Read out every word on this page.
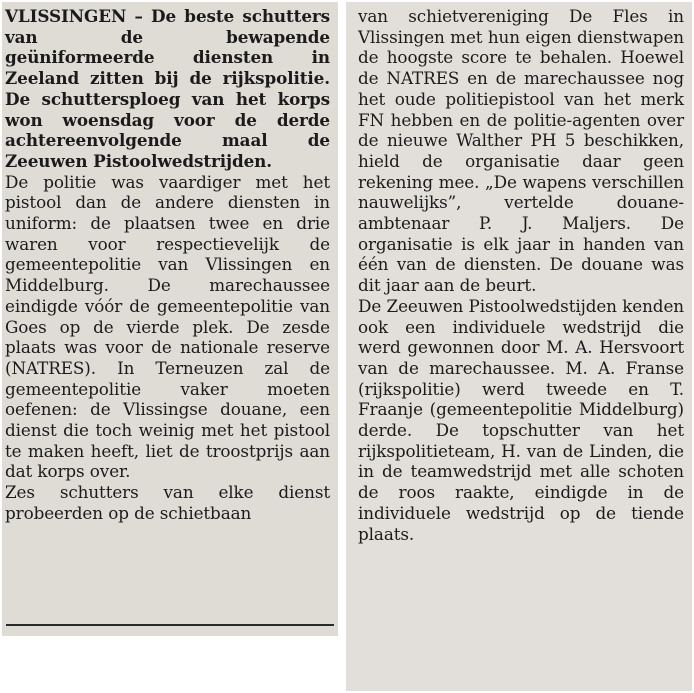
VLISSINGEN – De beste schutters van de bewapende geüniformeerde diensten in Zeeland zitten bij de rijkspolitie. De schuttersploeg van het korps won woensdag voor de derde achtereenvolgende maal de Zeeuwen Pistoolwedstrijden.

De politie was vaardiger met het pistool dan de andere diensten in uniform: de plaatsen twee en drie waren voor respectievelijk de gemeentepolitie van Vlissingen en Middelburg. De marechaussee eindigde vóór de gemeentepolitie van Goes op de vierde plek. De zesde plaats was voor de nationale reserve (NATRES). In Terneuzen zal de gemeentepolitie vaker moeten oefenen: de Vlissingse douane, een dienst die toch weinig met het pistool te maken heeft, liet de troostprijs aan dat korps over.

Zes schutters van elke dienst probeerden op de schietbaan

van schietvereniging De Fles in Vlissingen met hun eigen dienstwapen de hoogste score te behalen. Hoewel de NATRES en de marechaussee nog het oude politiepistool van het merk FN hebben en de politie-agenten over de nieuwe Walther PH 5 beschikken, hield de organisatie daar geen rekening mee. „De wapens verschillen nauwelijks”, vertelde douane-ambtenaar P. J. Maljers. De organisatie is elk jaar in handen van één van de diensten. De douane was dit jaar aan de beurt.

De Zeeuwen Pistoolwedstijden kenden ook een individuele wedstrijd die werd gewonnen door M. A. Hersvoort van de marechaussee. M. A. Franse (rijkspolitie) werd tweede en T. Fraanje (gemeentepolitie Middelburg) derde. De topschutter van het rijkspolitieteam, H. van de Linden, die in de teamwedstrijd met alle schoten de roos raakte, eindigde in de individuele wedstrijd op de tiende plaats.
